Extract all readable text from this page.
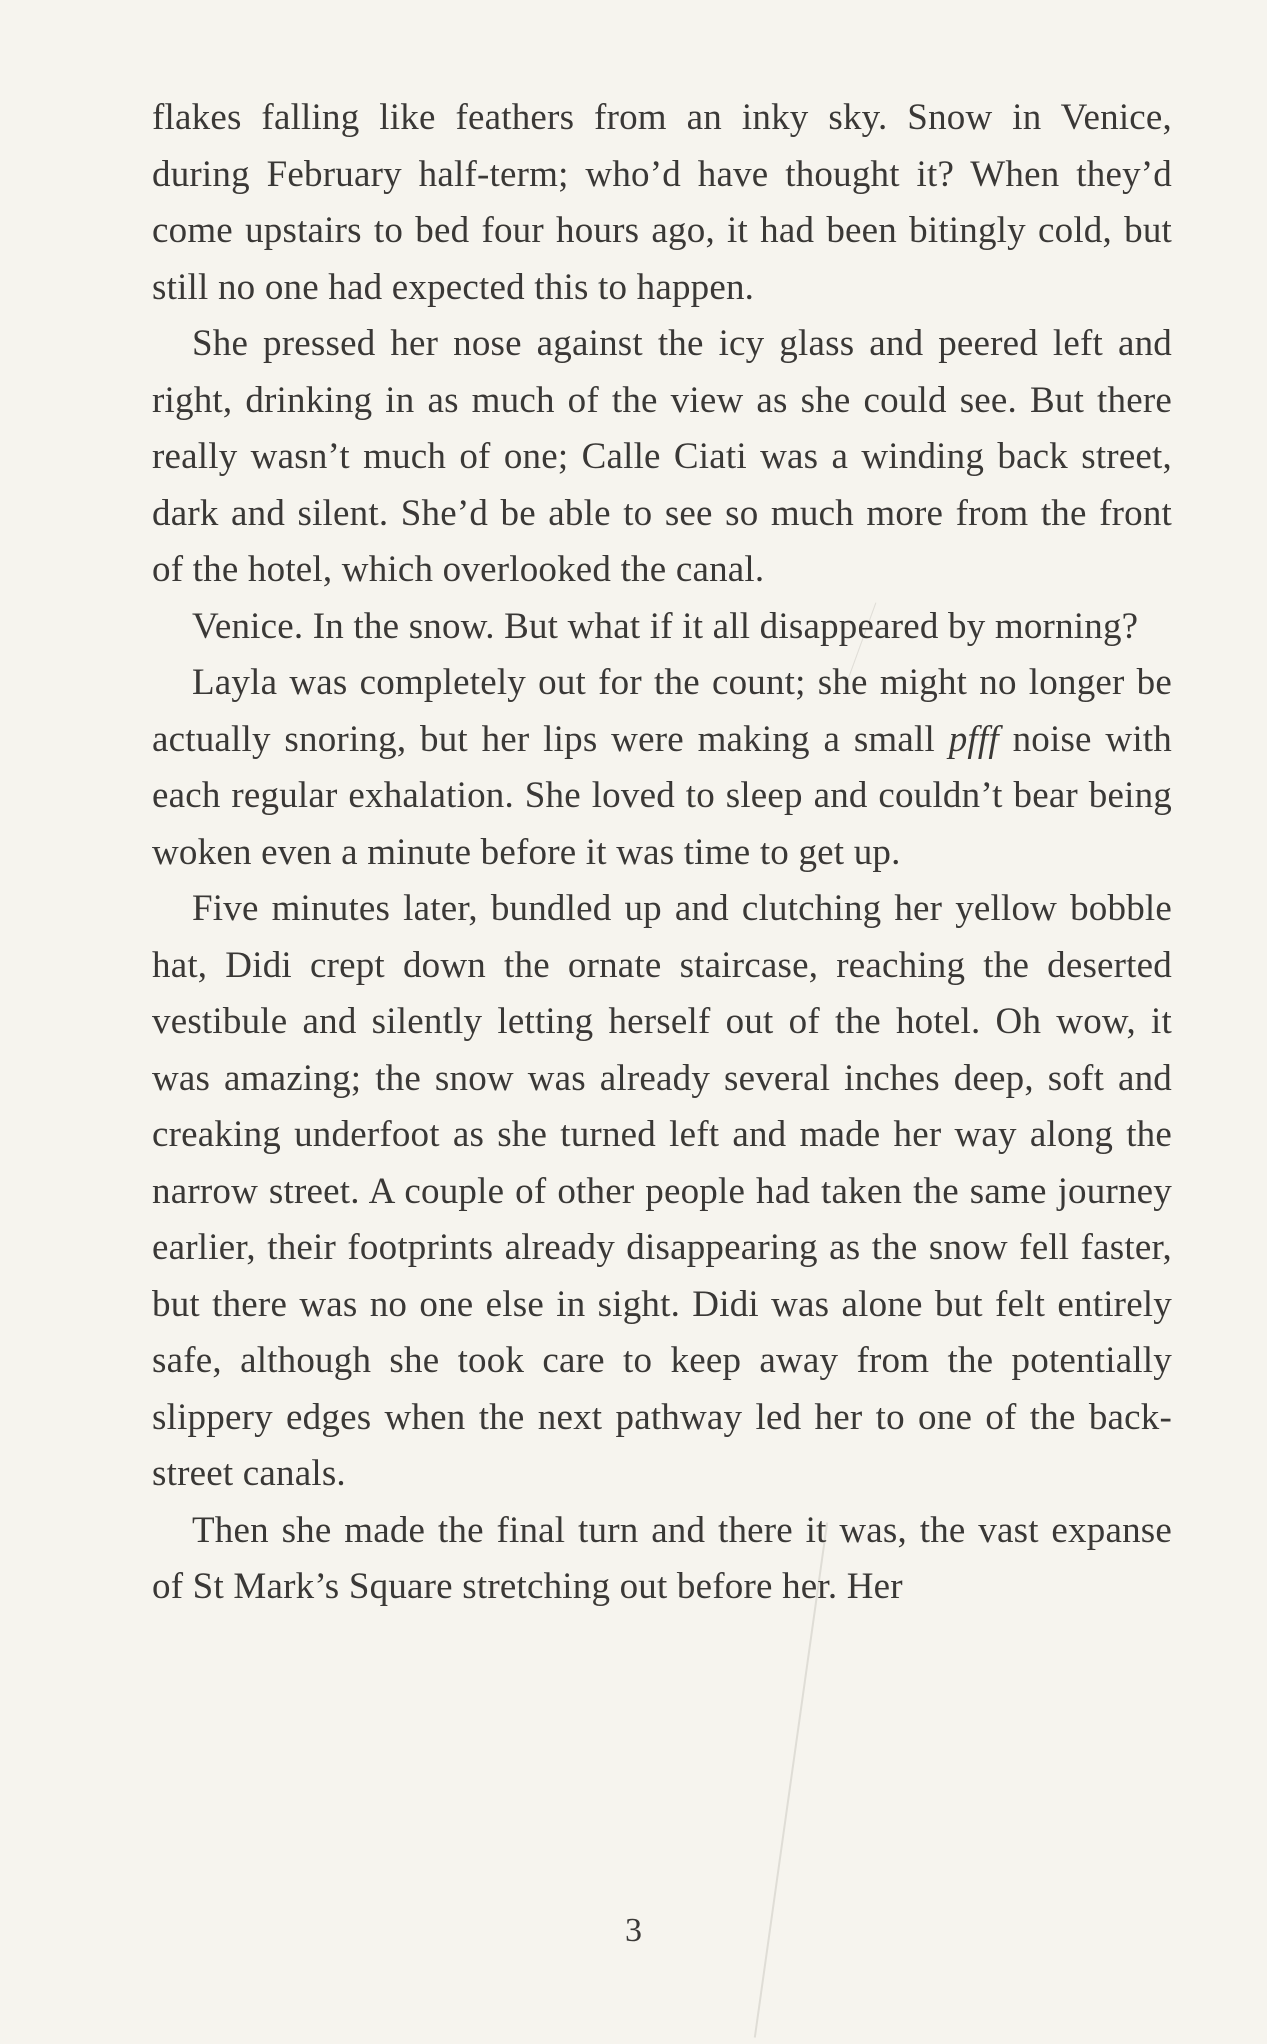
flakes falling like feathers from an inky sky. Snow in Venice, during February half-term; who’d have thought it? When they’d come upstairs to bed four hours ago, it had been bitingly cold, but still no one had expected this to happen.

She pressed her nose against the icy glass and peered left and right, drinking in as much of the view as she could see. But there really wasn’t much of one; Calle Ciati was a winding back street, dark and silent. She’d be able to see so much more from the front of the hotel, which overlooked the canal.

Venice. In the snow. But what if it all disappeared by morning?

Layla was completely out for the count; she might no longer be actually snoring, but her lips were making a small pfff noise with each regular exhalation. She loved to sleep and couldn’t bear being woken even a minute before it was time to get up.

Five minutes later, bundled up and clutching her yellow bobble hat, Didi crept down the ornate staircase, reaching the deserted vestibule and silently letting herself out of the hotel. Oh wow, it was amazing; the snow was already several inches deep, soft and creaking underfoot as she turned left and made her way along the narrow street. A couple of other people had taken the same journey earlier, their footprints already disappearing as the snow fell faster, but there was no one else in sight. Didi was alone but felt entirely safe, although she took care to keep away from the potentially slippery edges when the next pathway led her to one of the back-street canals.

Then she made the final turn and there it was, the vast expanse of St Mark’s Square stretching out before her. Her

3
